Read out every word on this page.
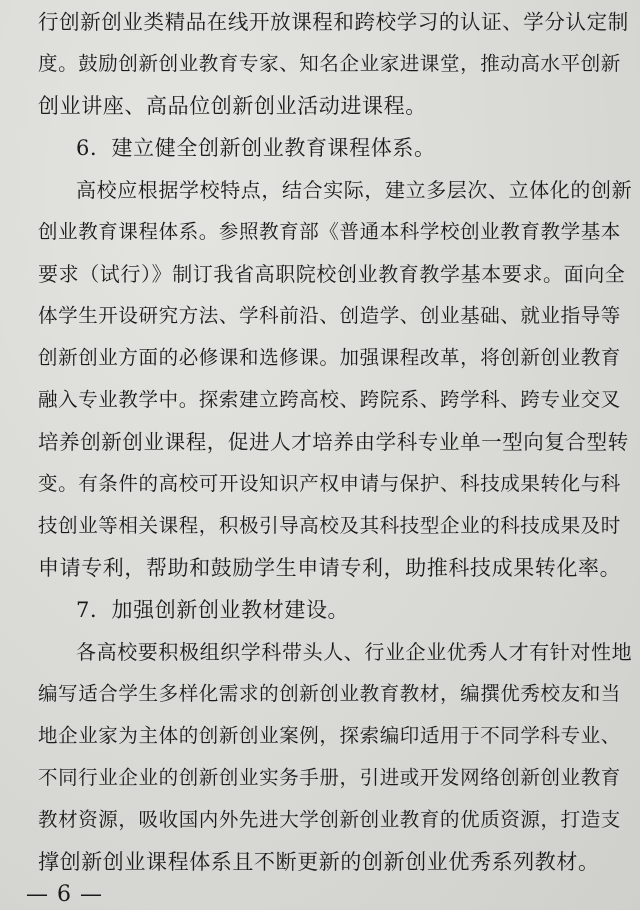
行创新创业类精品在线开放课程和跨校学习的认证、学分认定制
度。鼓励创新创业教育专家、知名企业家进课堂，推动高水平创新
创业讲座、高品位创新创业活动进课程。
6．建立健全创新创业教育课程体系。
高校应根据学校特点，结合实际，建立多层次、立体化的创新
创业教育课程体系。参照教育部《普通本科学校创业教育教学基本
要求（试行）》制订我省高职院校创业教育教学基本要求。面向全
体学生开设研究方法、学科前沿、创造学、创业基础、就业指导等
创新创业方面的必修课和选修课。加强课程改革，将创新创业教育
融入专业教学中。探索建立跨高校、跨院系、跨学科、跨专业交叉
培养创新创业课程，促进人才培养由学科专业单一型向复合型转
变。有条件的高校可开设知识产权申请与保护、科技成果转化与科
技创业等相关课程，积极引导高校及其科技型企业的科技成果及时
申请专利，帮助和鼓励学生申请专利，助推科技成果转化率。
7．加强创新创业教材建设。
各高校要积极组织学科带头人、行业企业优秀人才有针对性地
编写适合学生多样化需求的创新创业教育教材，编撰优秀校友和当
地企业家为主体的创新创业案例，探索编印适用于不同学科专业、
不同行业企业的创新创业实务手册，引进或开发网络创新创业教育
教材资源，吸收国内外先进大学创新创业教育的优质资源，打造支
撑创新创业课程体系且不断更新的创新创业优秀系列教材。
— 6 —
